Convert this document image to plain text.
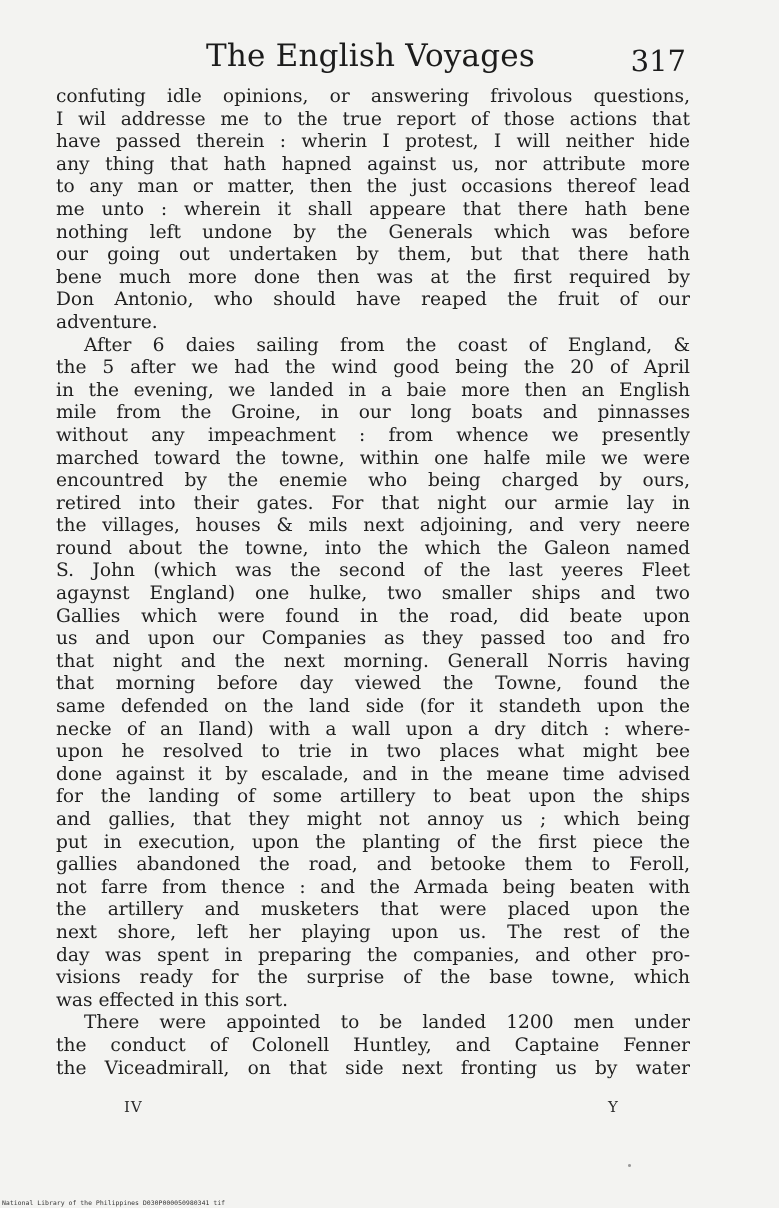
The English Voyages	317
confuting idle opinions, or answering frivolous questions,
I wil addresse me to the true report of those actions that
have passed therein : wherin I protest, I will neither hide
any thing that hath hapned against us, nor attribute more
to any man or matter, then the just occasions thereof lead
me unto : wherein it shall appeare that there hath bene
nothing left undone by the Generals which was before
our going out undertaken by them, but that there hath
bene much more done then was at the first required by
Don Antonio, who should have reaped the fruit of our
adventure.
After 6 daies sailing from the coast of England, &
the 5 after we had the wind good being the 20 of April
in the evening, we landed in a baie more then an English
mile from the Groine, in our long boats and pinnasses
without any impeachment : from whence we presently
marched toward the towne, within one halfe mile we were
encountred by the enemie who being charged by ours,
retired into their gates. For that night our armie lay in
the villages, houses & mils next adjoining, and very neere
round about the towne, into the which the Galeon named
S. John (which was the second of the last yeeres Fleet
agaynst England) one hulke, two smaller ships and two
Gallies which were found in the road, did beate upon
us and upon our Companies as they passed too and fro
that night and the next morning. Generall Norris having
that morning before day viewed the Towne, found the
same defended on the land side (for it standeth upon the
necke of an Iland) with a wall upon a dry ditch : where-
upon he resolved to trie in two places what might bee
done against it by escalade, and in the meane time advised
for the landing of some artillery to beat upon the ships
and gallies, that they might not annoy us ; which being
put in execution, upon the planting of the first piece the
gallies abandoned the road, and betooke them to Feroll,
not farre from thence : and the Armada being beaten with
the artillery and musketers that were placed upon the
next shore, left her playing upon us. The rest of the
day was spent in preparing the companies, and other pro-
visions ready for the surprise of the base towne, which
was effected in this sort.
There were appointed to be landed 1200 men under
the conduct of Colonell Huntley, and Captaine Fenner
the Viceadmirall, on that side next fronting us by water
IV	Y
National Library of the Philippines D030P000050980341 tif
